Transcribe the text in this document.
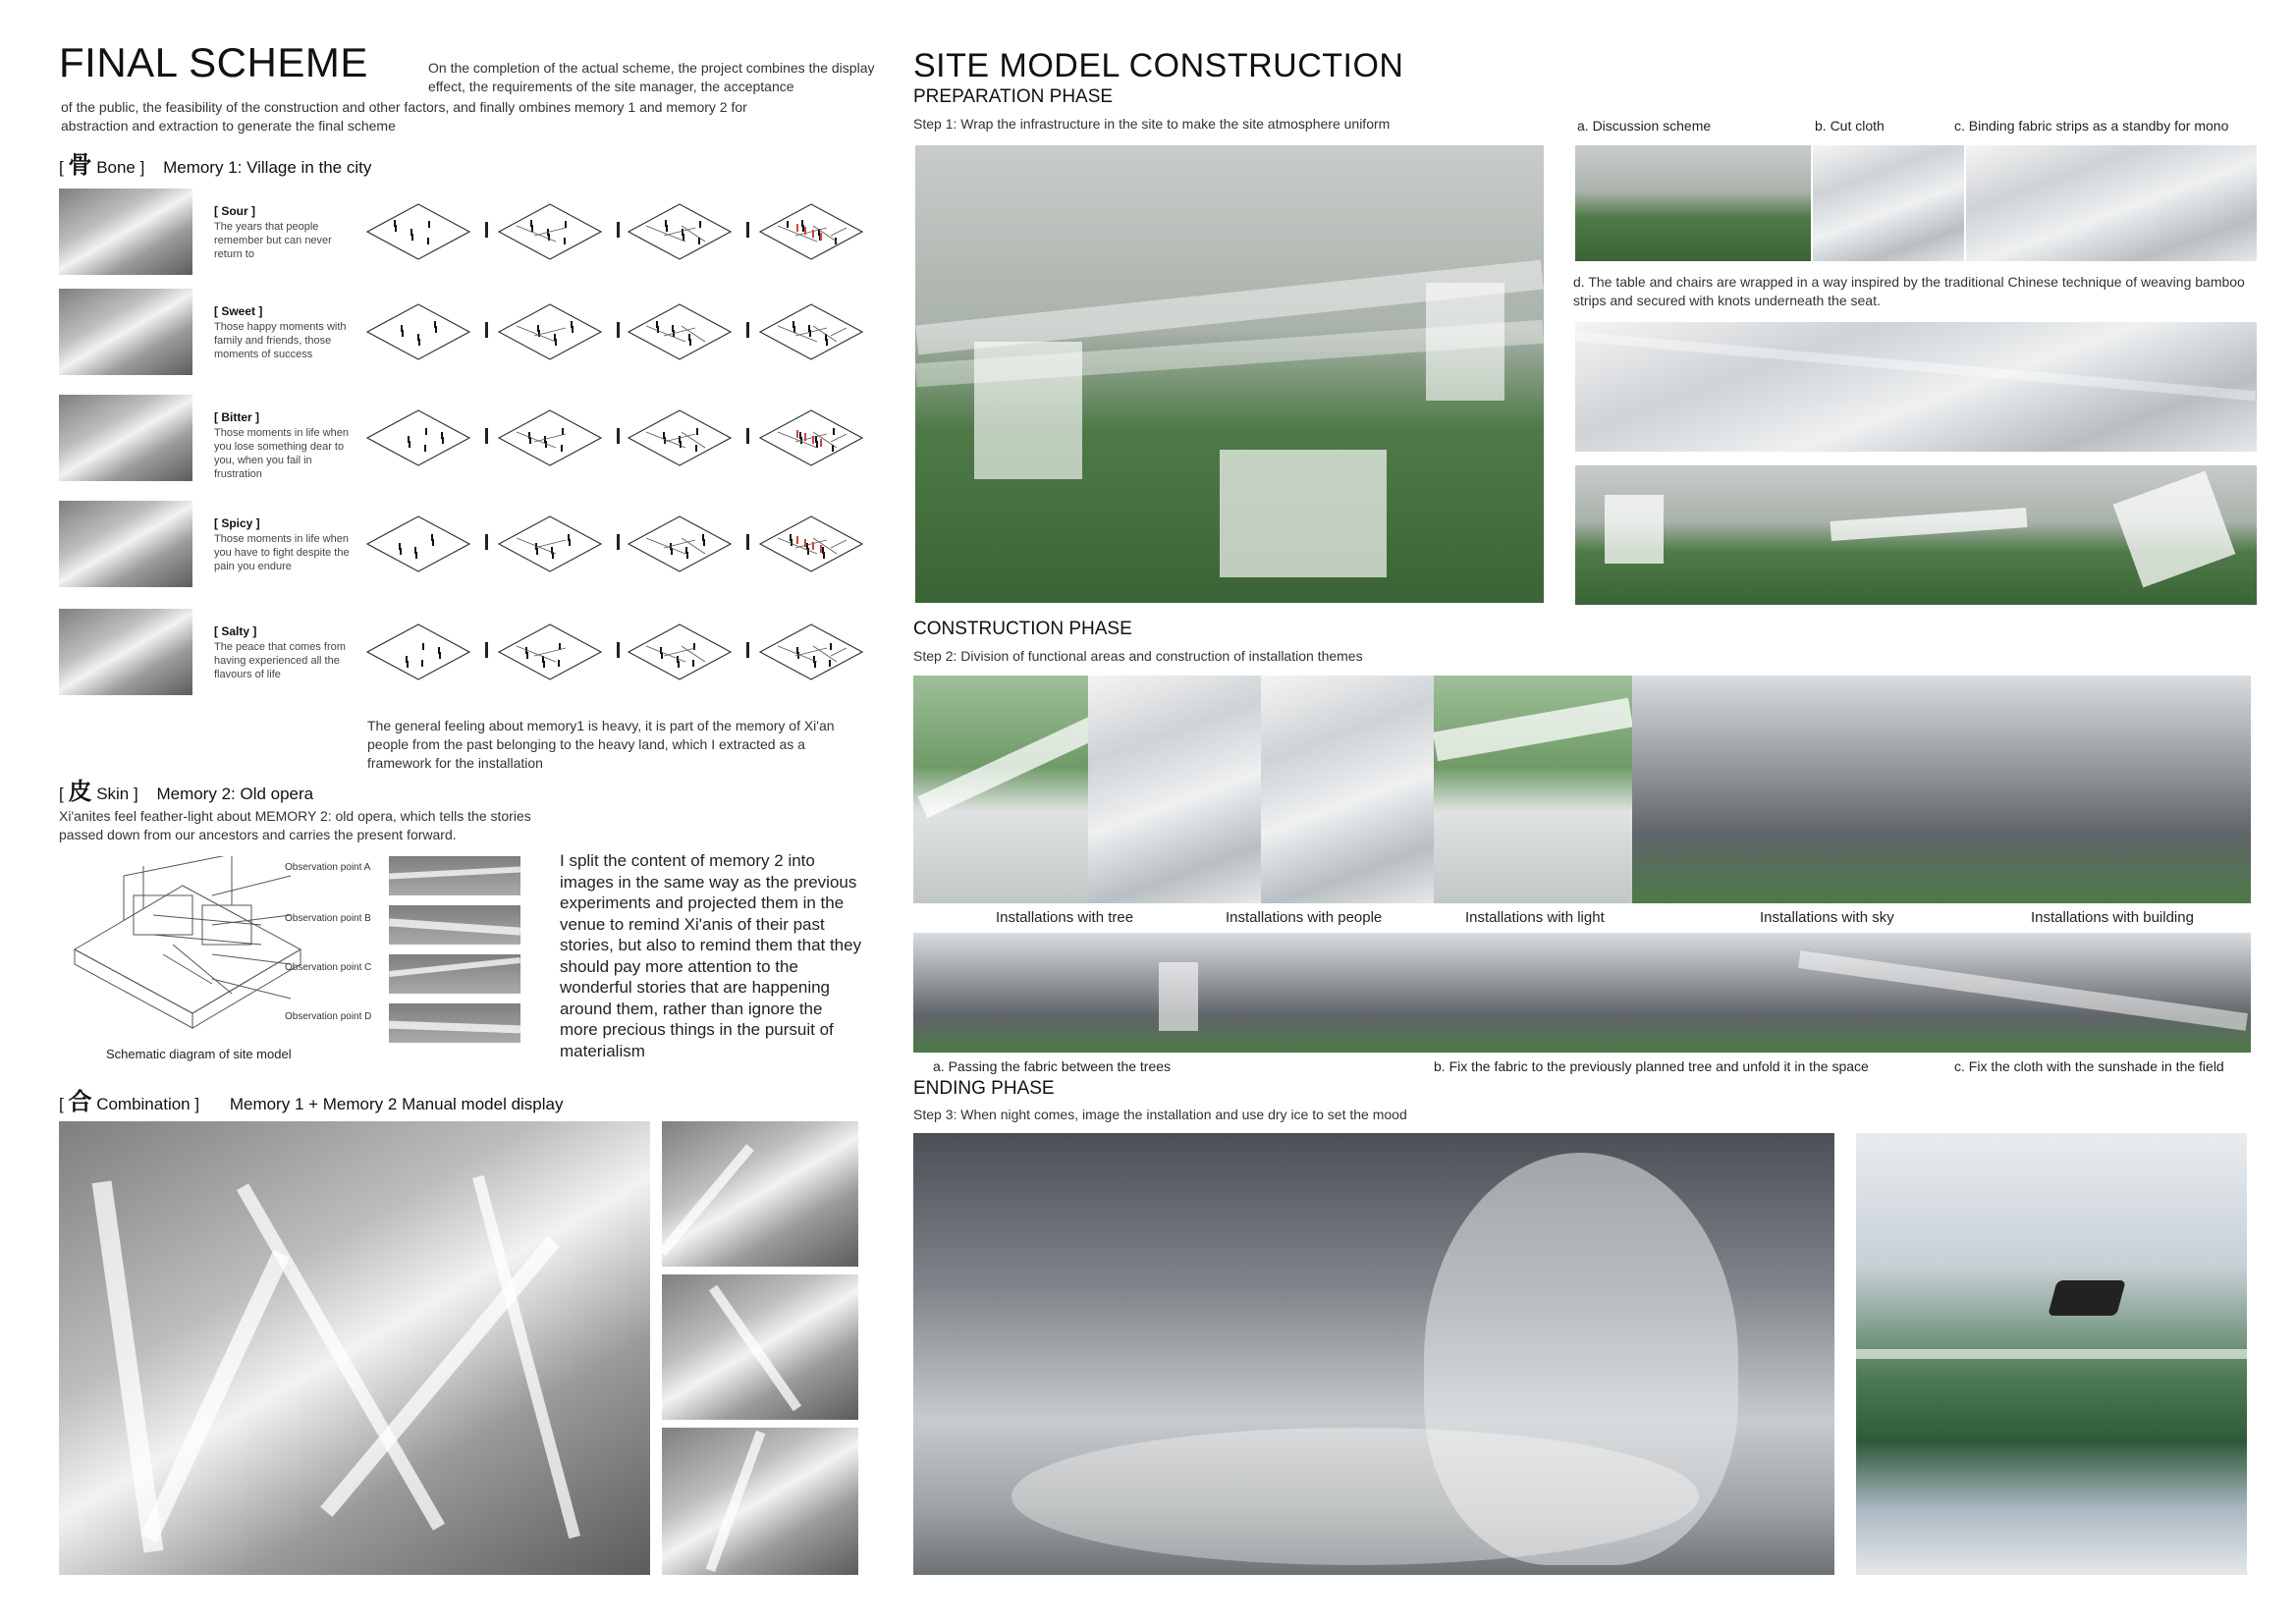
FINAL SCHEME	On the completion of the actual scheme, the project combines the display effect, the requirements of the site manager, the acceptance
of the public, the feasibility of the construction and other factors, and finally ombines memory 1 and memory 2 for
abstraction and extraction to generate the final scheme
[ 骨 Bone ] Memory 1: Village in the city
[ Sour ]
The years that people remember but can never return to
[ Sweet ]
Those happy moments with family and friends, those moments of success
[ Bitter ]
Those moments in life when you lose something dear to you, when you fail in frustration
[ Spicy ]
Those moments in life when you have to fight despite the pain you endure
[ Salty ]
The peace that comes from having experienced all the flavours of life
The general feeling about memory1 is heavy, it is part of the memory of Xi'an people from the past belonging to the heavy land, which I extracted as a framework for the installation
[ 皮 Skin ] Memory 2: Old opera
Xi'anites feel feather-light about MEMORY 2: old opera, which tells the stories passed down from our ancestors and carries the present forward.
Observation point A
Observation point B
Observation point C
Observation point D
Schematic diagram of site model
I split the content of memory 2 into images in the same way as the previous experiments and projected them in the venue to remind Xi'anis of their past stories, but also to remind them that they should pay more attention to the wonderful stories that are happening around them, rather than ignore the more precious things in the pursuit of materialism
[ 合 Combination ] Memory 1 + Memory 2 Manual model display
SITE MODEL CONSTRUCTION
PREPARATION PHASE
Step 1: Wrap the infrastructure in the site to make the site atmosphere uniform	a. Discussion scheme	b. Cut cloth	c. Binding fabric strips as a standby for mono
d. The table and chairs are wrapped in a way inspired by the traditional Chinese technique of weaving bamboo strips and secured with knots underneath the seat.
CONSTRUCTION PHASE
Step 2: Division of functional areas and construction of installation themes
Installations with tree	Installations with people	Installations with light	Installations with sky	Installations with building
a. Passing the fabric between the trees	b. Fix the fabric to the previously planned tree and unfold it in the space	c. Fix the cloth with the sunshade in the field
ENDING PHASE
Step 3: When night comes, image the installation and use dry ice to set the mood
